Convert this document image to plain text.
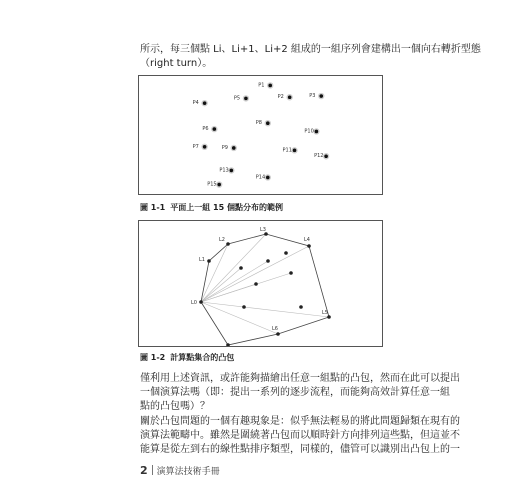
所示，每三個點 Li、Li+1、Li+2 組成的一組序列會建構出一個向右轉折型態
（right turn）。
P1
P2	P3
P4
P5
P6
P7
P8
P9
P10
P11
P12
P13
P14
P15
圖 1-1 平面上一組 15 個點分布的範例
L0
L1
L2
L3
L4
L5
L6
圖 1-2 計算點集合的凸包
僅利用上述資訊，或許能夠描繪出任意一組點的凸包，然而在此可以提出
一個演算法嗎（即：提出一系列的逐步流程，而能夠高效計算任意一組
點的凸包嗎）？
關於凸包問題的一個有趣現象是：似乎無法輕易的將此問題歸類在現有的
演算法範疇中。雖然是圍繞著凸包而以順時針方向排列這些點，但這並不
能算是從左到右的線性點排序類型，同樣的，儘管可以識別出凸包上的一
2 演算法技術手冊
